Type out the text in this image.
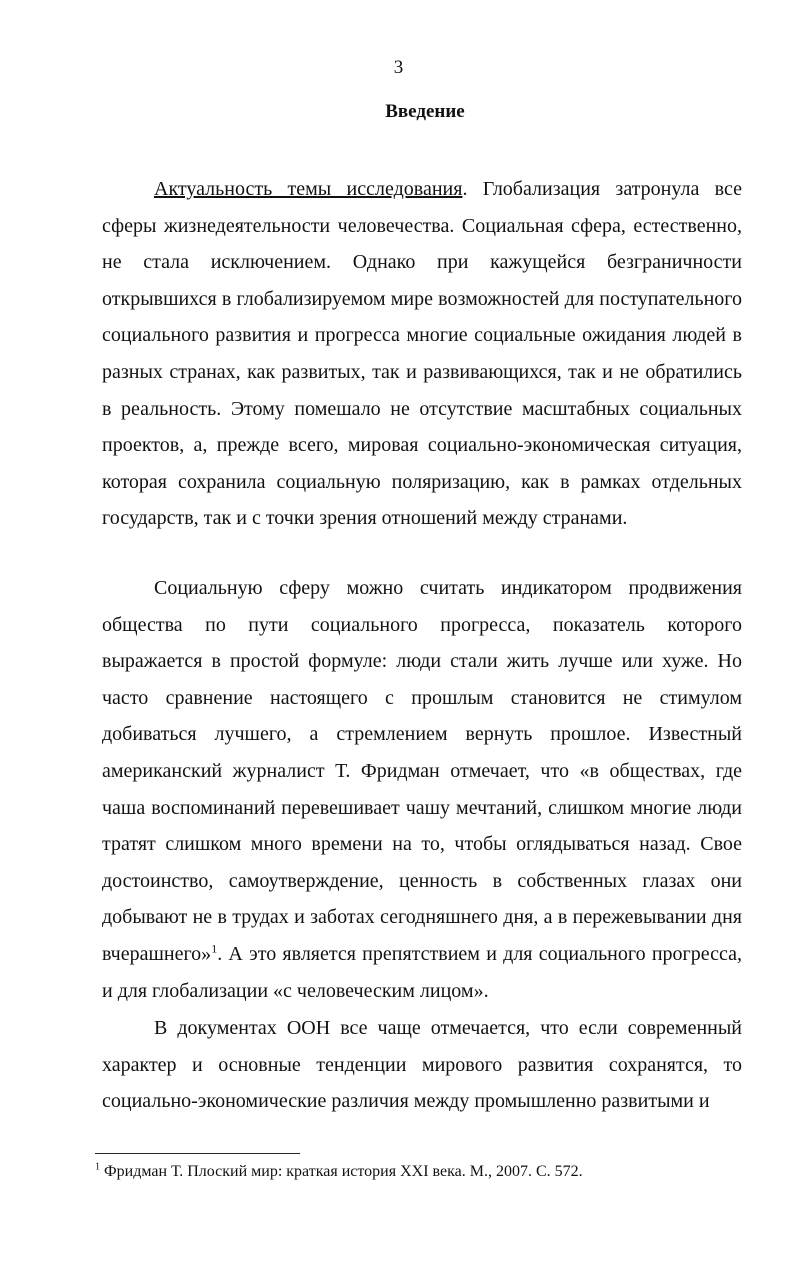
3
Введение

Актуальность темы исследования. Глобализация затронула все сферы жизнедеятельности человечества. Социальная сфера, естественно, не стала исключением. Однако при кажущейся безграничности открывшихся в глобализируемом мире возможностей для поступательного социального развития и прогресса многие социальные ожидания людей в разных странах, как развитых, так и развивающихся, так и не обратились в реальность. Этому помешало не отсутствие масштабных социальных проектов, а, прежде всего, мировая социально-экономическая ситуация, которая сохранила социальную поляризацию, как в рамках отдельных государств, так и с точки зрения отношений между странами.

Социальную сферу можно считать индикатором продвижения общества по пути социального прогресса, показатель которого выражается в простой формуле: люди стали жить лучше или хуже. Но часто сравнение настоящего с прошлым становится не стимулом добиваться лучшего, а стремлением вернуть прошлое. Известный американский журналист Т. Фридман отмечает, что «в обществах, где чаша воспоминаний перевешивает чашу мечтаний, слишком многие люди тратят слишком много времени на то, чтобы оглядываться назад. Свое достоинство, самоутверждение, ценность в собственных глазах они добывают не в трудах и заботах сегодняшнего дня, а в пережевывании дня вчерашнего»$^1$. А это является препятствием и для социального прогресса, и для глобализации «с человеческим лицом».

В документах ООН все чаще отмечается, что если современный характер и основные тенденции мирового развития сохранятся, то социально-экономические различия между промышленно развитыми и

$^1$ Фридман Т. Плоский мир: краткая история XXI века. М., 2007. С. 572.
